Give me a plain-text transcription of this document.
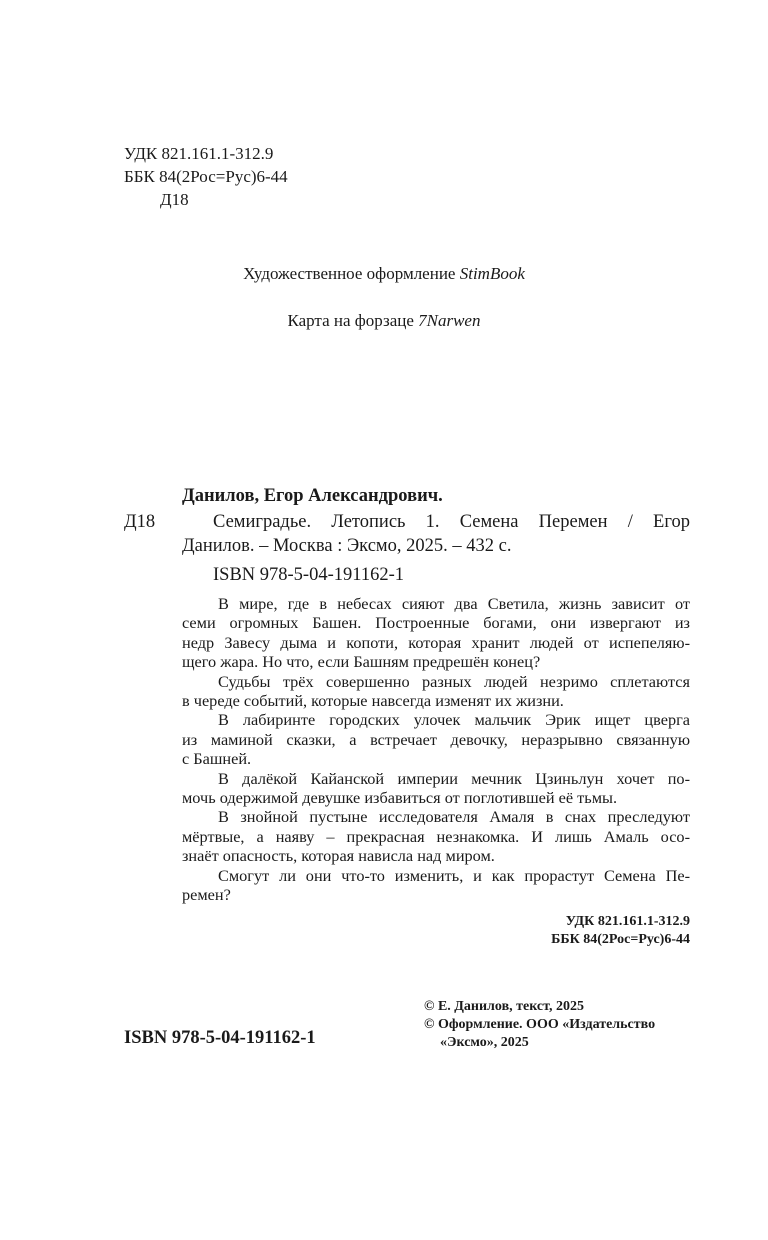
УДК 821.161.1-312.9
ББК 84(2Рос=Рус)6-44
Д18
Художественное оформление StimBook
Карта на форзаце 7Narwen
Данилов, Егор Александрович.
Д18	Семиградье. Летопись 1. Семена Перемен / Егор
Данилов. – Москва : Эксмо, 2025. – 432 с.
ISBN 978-5-04-191162-1

В мире, где в небесах сияют два Светила, жизнь зависит от

семи огромных Башен. Построенные богами, они извергают из

недр Завесу дыма и копоти, которая хранит людей от испепеляю-

щего жара. Но что, если Башням предрешён конец?

Судьбы трёх совершенно разных людей незримо сплетаются

в череде событий, которые навсегда изменят их жизни.

В лабиринте городских улочек мальчик Эрик ищет цверга

из маминой сказки, а встречает девочку, неразрывно связанную

с Башней.

В далёкой Кайанской империи мечник Цзиньлун хочет по-

мочь одержимой девушке избавиться от поглотившей её тьмы.

В знойной пустыне исследователя Амаля в снах преследуют

мёртвые, а наяву – прекрасная незнакомка. И лишь Амаль осо-

знаёт опасность, которая нависла над миром.

Смогут ли они что-то изменить, и как прорастут Семена Пе-

ремен?

УДК 821.161.1-312.9
ББК 84(2Рос=Рус)6-44
ISBN 978-5-04-191162-1
© Е. Данилов, текст, 2025
© Оформление. ООО «Издательство
«Эксмо», 2025
